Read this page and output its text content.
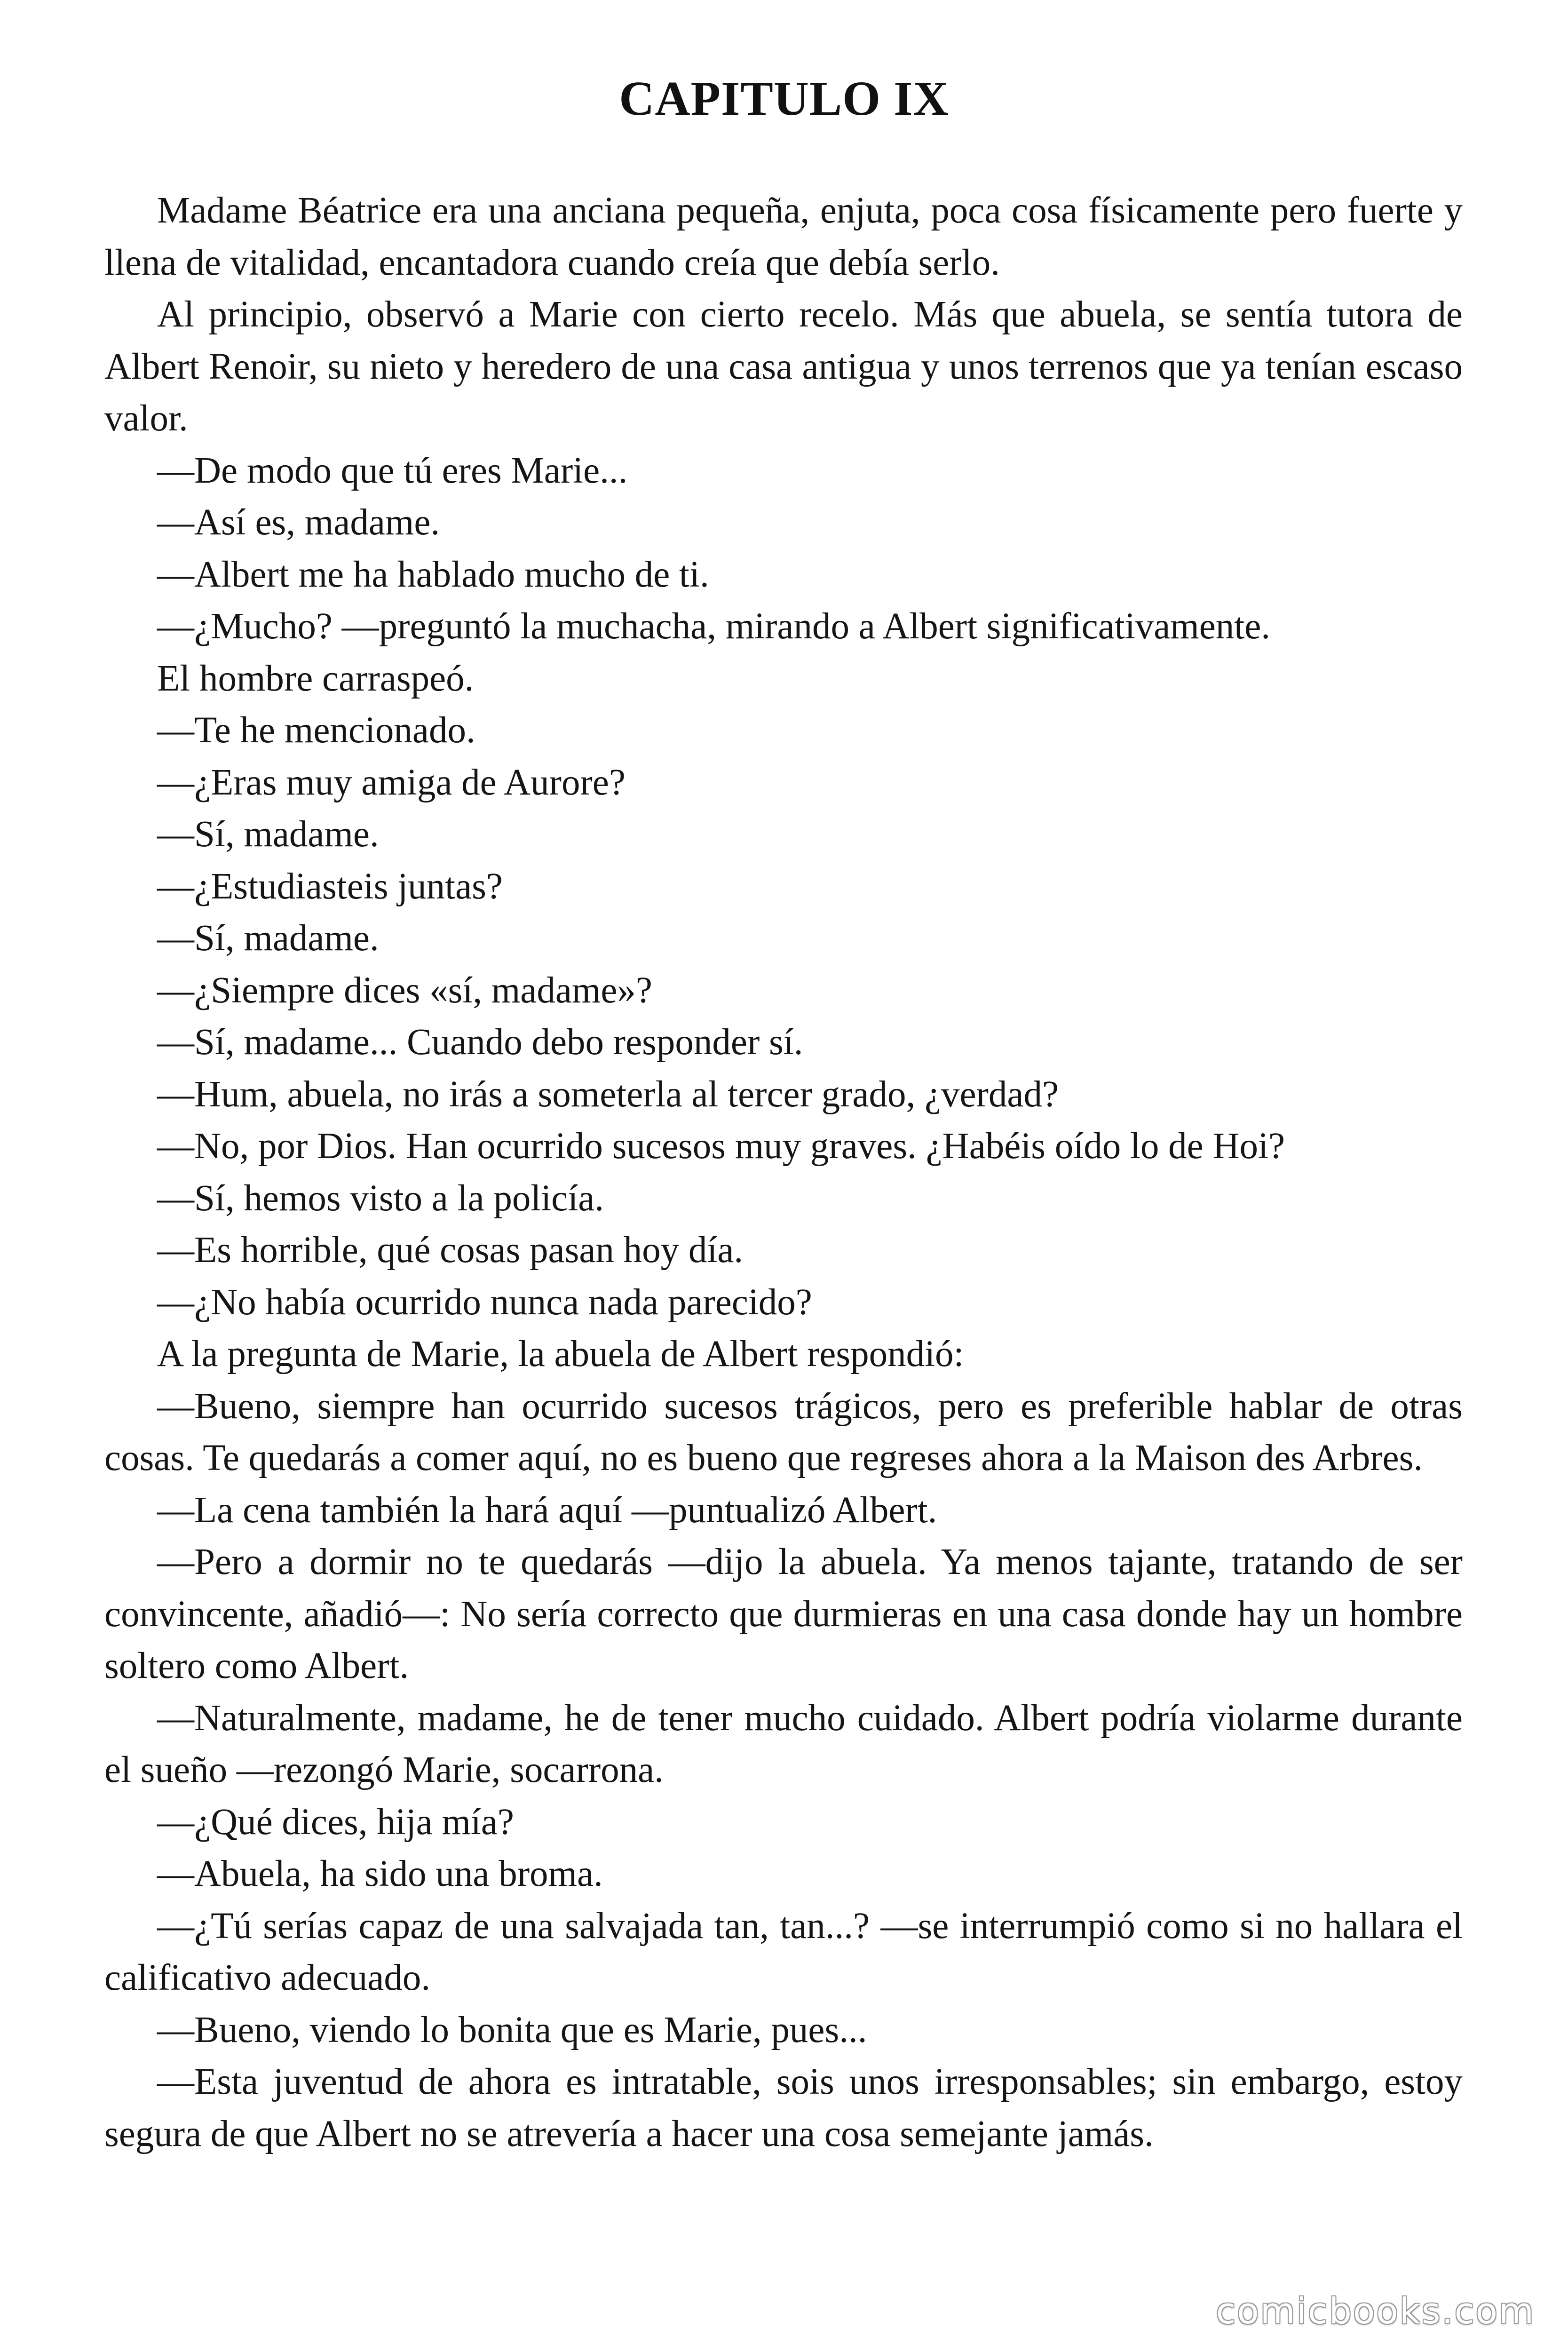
CAPITULO IX

Madame Béatrice era una anciana pequeña, enjuta, poca cosa físicamente pero fuerte y llena de vitalidad, encantadora cuando creía que debía serlo.

Al principio, observó a Marie con cierto recelo. Más que abuela, se sentía tutora de Albert Renoir, su nieto y heredero de una casa antigua y unos terrenos que ya tenían escaso valor.

—De modo que tú eres Marie...

—Así es, madame.

—Albert me ha hablado mucho de ti.

—¿Mucho? —preguntó la muchacha, mirando a Albert significativamente.

El hombre carraspeó.

—Te he mencionado.

—¿Eras muy amiga de Aurore?

—Sí, madame.

—¿Estudiasteis juntas?

—Sí, madame.

—¿Siempre dices «sí, madame»?

—Sí, madame... Cuando debo responder sí.

—Hum, abuela, no irás a someterla al tercer grado, ¿verdad?

—No, por Dios. Han ocurrido sucesos muy graves. ¿Habéis oído lo de Hoi?

—Sí, hemos visto a la policía.

—Es horrible, qué cosas pasan hoy día.

—¿No había ocurrido nunca nada parecido?

A la pregunta de Marie, la abuela de Albert respondió:

—Bueno, siempre han ocurrido sucesos trágicos, pero es preferible hablar de otras cosas. Te quedarás a comer aquí, no es bueno que regreses ahora a la Maison des Arbres.

—La cena también la hará aquí —puntualizó Albert.

—Pero a dormir no te quedarás —dijo la abuela. Ya menos tajante, tratando de ser convincente, añadió—: No sería correcto que durmieras en una casa donde hay un hombre soltero como Albert.

—Naturalmente, madame, he de tener mucho cuidado. Albert podría violarme durante el sueño —rezongó Marie, socarrona.

—¿Qué dices, hija mía?

—Abuela, ha sido una broma.

—¿Tú serías capaz de una salvajada tan, tan...? —se interrumpió como si no hallara el calificativo adecuado.

—Bueno, viendo lo bonita que es Marie, pues...

—Esta juventud de ahora es intratable, sois unos irresponsables; sin embargo, estoy segura de que Albert no se atrevería a hacer una cosa semejante jamás.

comicbooks.com
